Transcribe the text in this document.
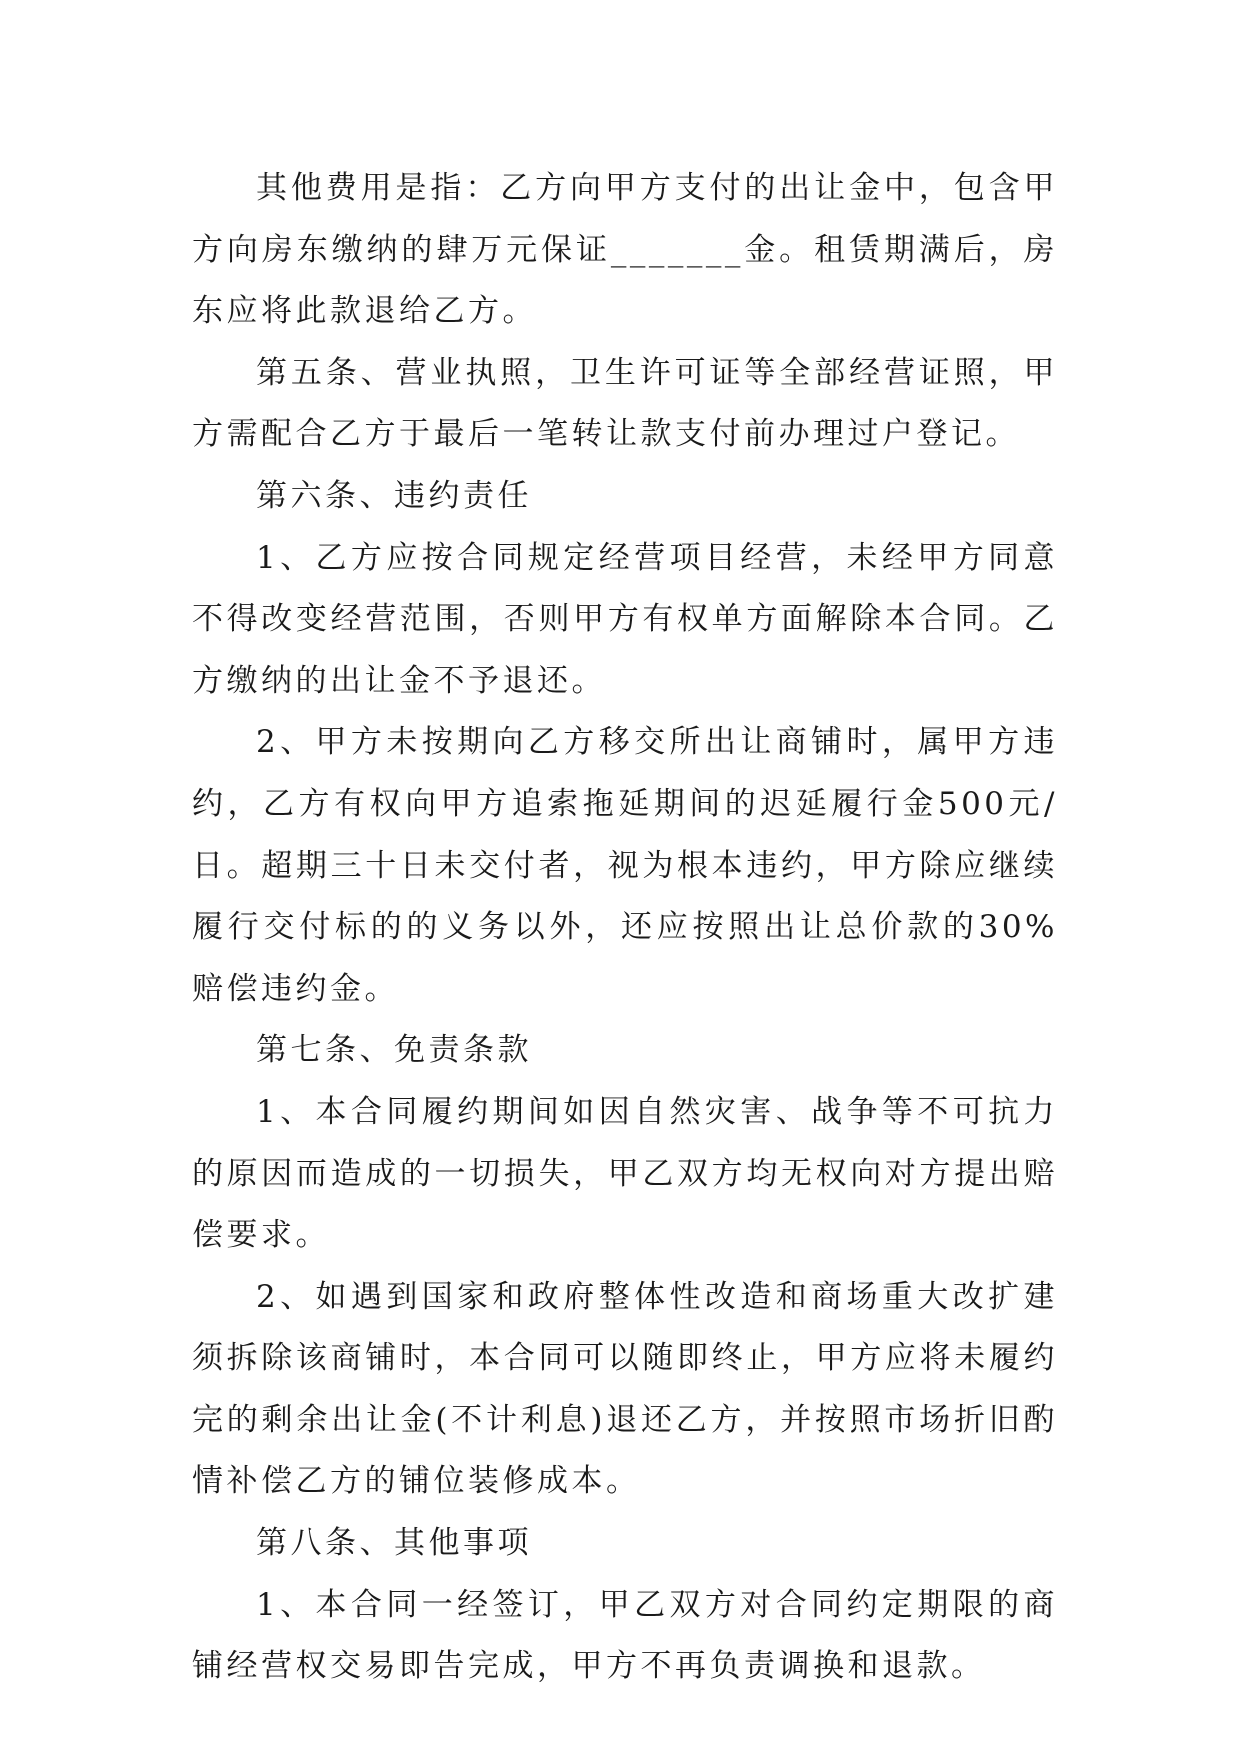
其他费用是指：乙方向甲方支付的出让金中，包含甲方向房东缴纳的肆万元保证_______金。租赁期满后，房东应将此款退给乙方。

第五条、营业执照，卫生许可证等全部经营证照，甲方需配合乙方于最后一笔转让款支付前办理过户登记。

第六条、违约责任

1、乙方应按合同规定经营项目经营，未经甲方同意不得改变经营范围，否则甲方有权单方面解除本合同。乙方缴纳的出让金不予退还。

2、甲方未按期向乙方移交所出让商铺时，属甲方违约，乙方有权向甲方追索拖延期间的迟延履行金500元/日。超期三十日未交付者，视为根本违约，甲方除应继续履行交付标的的义务以外，还应按照出让总价款的30%赔偿违约金。

第七条、免责条款

1、本合同履约期间如因自然灾害、战争等不可抗力的原因而造成的一切损失，甲乙双方均无权向对方提出赔偿要求。

2、如遇到国家和政府整体性改造和商场重大改扩建须拆除该商铺时，本合同可以随即终止，甲方应将未履约完的剩余出让金(不计利息)退还乙方，并按照市场折旧酌情补偿乙方的铺位装修成本。

第八条、其他事项

1、本合同一经签订，甲乙双方对合同约定期限的商铺经营权交易即告完成，甲方不再负责调换和退款。
